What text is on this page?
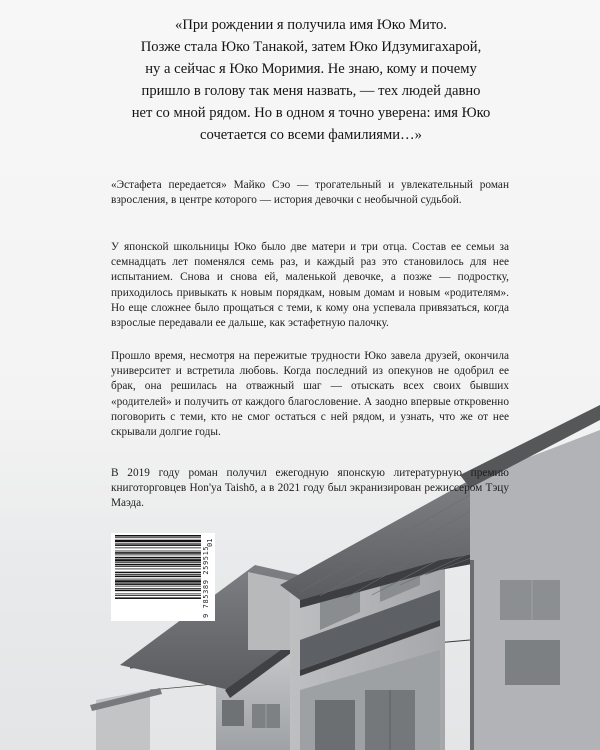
«При рождении я получила имя Юко Мито.
Позже стала Юко Танакой, затем Юко Идзумигахарой,
ну а сейчас я Юко Моримия. Не знаю, кому и почему
пришло в голову так меня назвать, — тех людей давно
нет со мной рядом. Но в одном я точно уверена: имя Юко
сочетается со всеми фамилиями…»
«Эстафета передается» Майко Сэо — трогательный и увлекательный роман взросления, в центре которого — история девочки с необычной судьбой.
У японской школьницы Юко было две матери и три отца. Состав ее семьи за семнадцать лет поменялся семь раз, и каждый раз это становилось для нее испытанием. Снова и снова ей, маленькой девочке, а позже — подростку, приходилось привыкать к новым порядкам, новым домам и новым «родителям». Но еще сложнее было прощаться с теми, к кому она успевала привязаться, когда взрослые передавали ее дальше, как эстафетную палочку.
Прошло время, несмотря на пережитые трудности Юко завела друзей, окончила университет и встретила любовь. Когда последний из опекунов не одобрил ее брак, она решилась на отважный шаг — отыскать всех своих бывших «родителей» и получить от каждого благословение. А заодно впервые откровенно поговорить с теми, кто не смог остаться с ней рядом, и узнать, что же от нее скрывали долгие годы.
В 2019 году роман получил ежегодную японскую литературную премию книготорговцев Hon'ya Taishō, а в 2021 году был экранизирован режиссером Тэцу Маэда.
01
9 785389 259515
